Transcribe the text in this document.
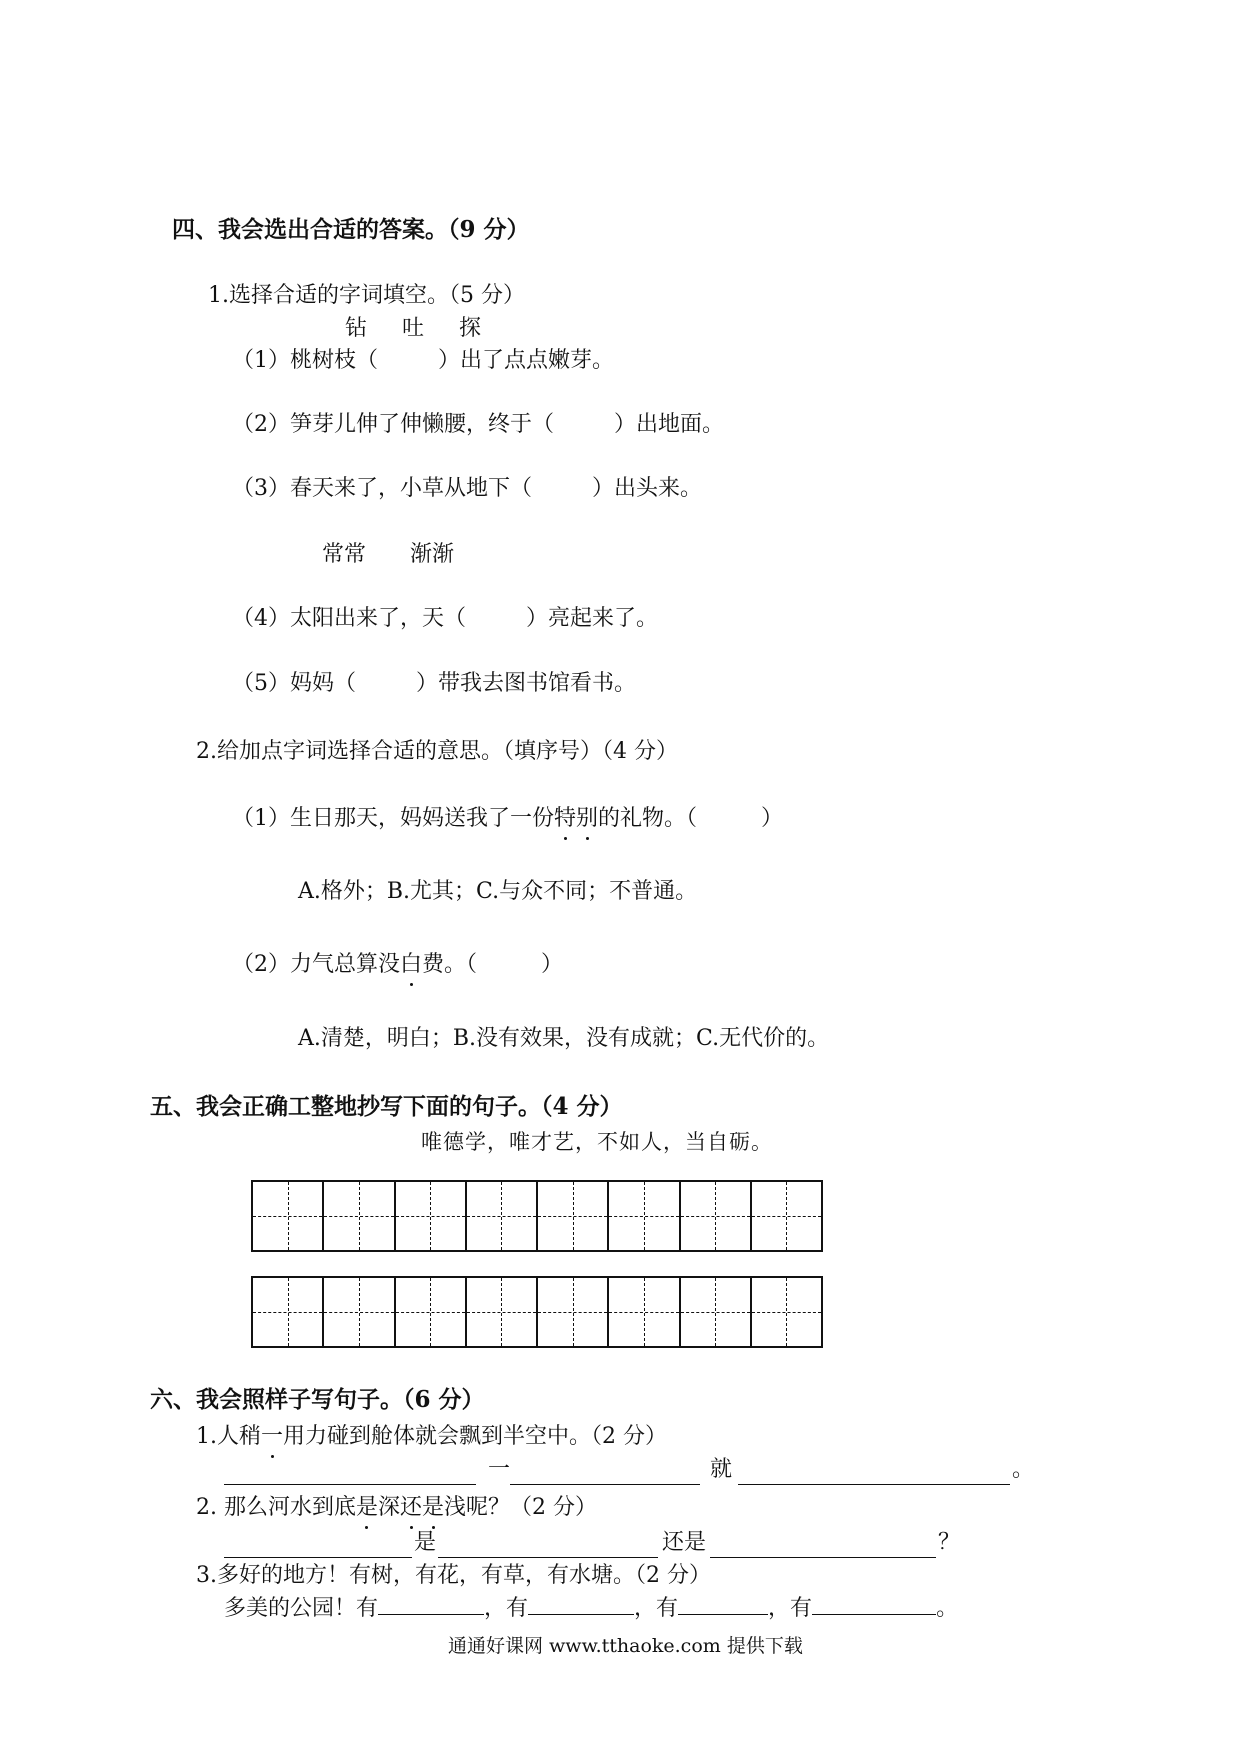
四、我会选出合适的答案。（9 分）
1.选择合适的字词填空。（5 分）
钻　 吐　 探
（1）桃树枝（	）出了点点嫩芽。
（2）笋芽儿伸了伸懒腰，终于（	）出地面。
（3）春天来了，小草从地下（	）出头来。
常常　　渐渐
（4）太阳出来了，天（	）亮起来了。
（5）妈妈（	）带我去图书馆看书。
2.给加点字词选择合适的意思。（填序号）（4 分）
（1）生日那天，妈妈送我了一份特别的礼物。（	）
A.格外；B.尤其；C.与众不同；不普通。
（2）力气总算没白费。（	）
A.清楚，明白；B.没有效果，没有成就；C.无代价的。
五、我会正确工整地抄写下面的句子。（4 分）
唯德学，唯才艺，不如人，当自砺。
六、我会照样子写句子。（6 分）
1.人稍一用力碰到舱体就会飘到半空中。（2 分）
一	就	。
2. 那么河水到底是深还是浅呢？（2 分）
是	还是	？
3.多好的地方！有树，有花，有草，有水塘。（2 分）
多美的公园！有	，有	，有	，有	。
通通好课网 www.tthaoke.com 提供下载
